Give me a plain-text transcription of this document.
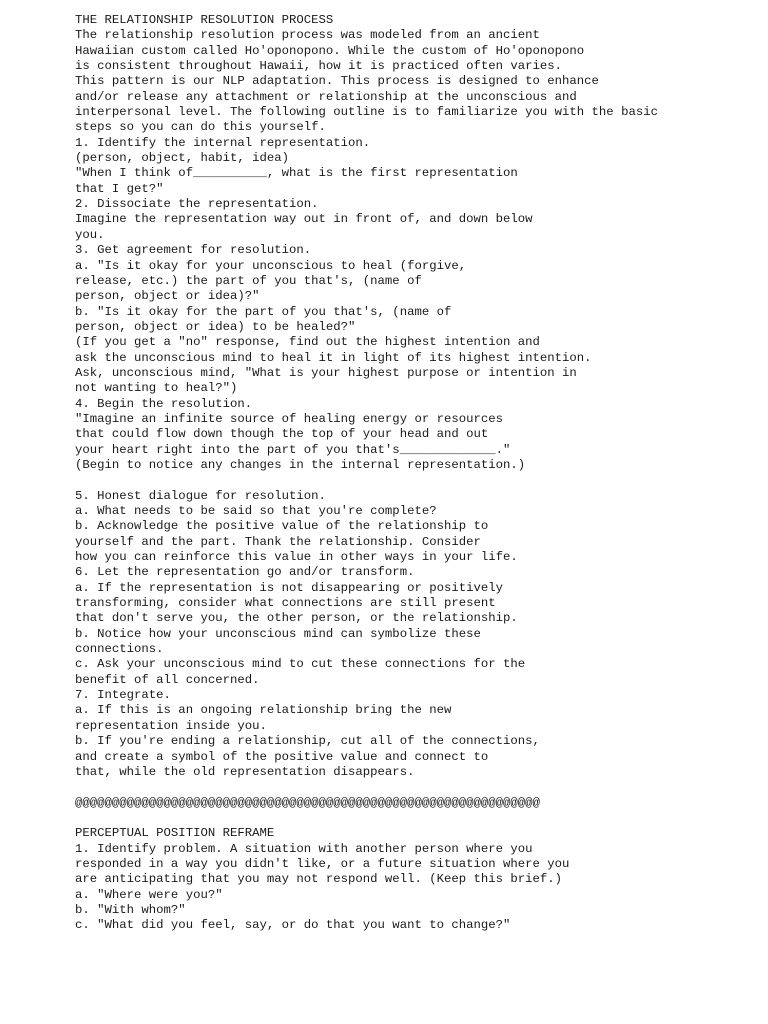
THE RELATIONSHIP RESOLUTION PROCESS
The relationship resolution process was modeled from an ancient
Hawaiian custom called Ho'oponopono. While the custom of Ho'oponopono
is consistent throughout Hawaii, how it is practiced often varies.
This pattern is our NLP adaptation. This process is designed to enhance
and/or release any attachment or relationship at the unconscious and
interpersonal level. The following outline is to familiarize you with the basic
steps so you can do this yourself.
1. Identify the internal representation.
(person, object, habit, idea)
"When I think of__________, what is the first representation
that I get?"
2. Dissociate the representation.
Imagine the representation way out in front of, and down below
you.
3. Get agreement for resolution.
a. "Is it okay for your unconscious to heal (forgive,
release, etc.) the part of you that's, (name of
person, object or idea)?"
b. "Is it okay for the part of you that's, (name of
person, object or idea) to be healed?"
(If you get a "no" response, find out the highest intention and
ask the unconscious mind to heal it in light of its highest intention.
Ask, unconscious mind, "What is your highest purpose or intention in
not wanting to heal?")
4. Begin the resolution.
"Imagine an infinite source of healing energy or resources
that could flow down though the top of your head and out
your heart right into the part of you that's_____________."
(Begin to notice any changes in the internal representation.)
5. Honest dialogue for resolution.
a. What needs to be said so that you're complete?
b. Acknowledge the positive value of the relationship to
yourself and the part. Thank the relationship. Consider
how you can reinforce this value in other ways in your life.
6. Let the representation go and/or transform.
a. If the representation is not disappearing or positively
transforming, consider what connections are still present
that don't serve you, the other person, or the relationship.
b. Notice how your unconscious mind can symbolize these
connections.
c. Ask your unconscious mind to cut these connections for the
benefit of all concerned.
7. Integrate.
a. If this is an ongoing relationship bring the new
representation inside you.
b. If you're ending a relationship, cut all of the connections,
and create a symbol of the positive value and connect to
that, while the old representation disappears.
@@@@@@@@@@@@@@@@@@@@@@@@@@@@@@@@@@@@@@@@@@@@@@@@@@@@@@@@@@@@@@@
PERCEPTUAL POSITION REFRAME
1. Identify problem. A situation with another person where you
responded in a way you didn't like, or a future situation where you
are anticipating that you may not respond well. (Keep this brief.)
a. "Where were you?"
b. "With whom?"
c. "What did you feel, say, or do that you want to change?"
